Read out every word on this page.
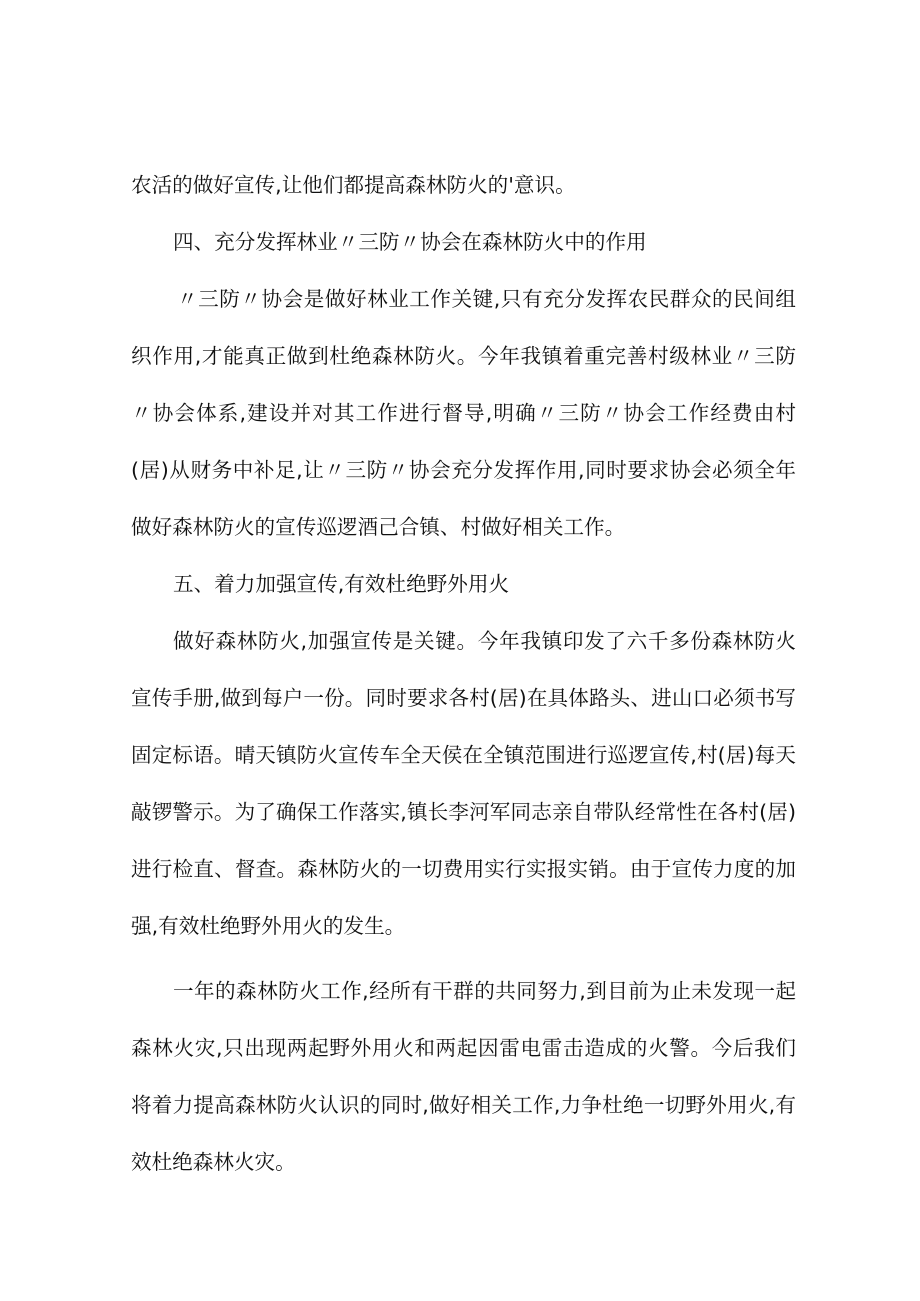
农活的做好宣传,让他们都提高森林防火的'意识。

四、充分发挥林业〃三防〃协会在森林防火中的作用

〃三防〃协会是做好林业工作关键,只有充分发挥农民群众的民间组织作用,才能真正做到杜绝森林防火。今年我镇着重完善村级林业〃三防〃协会体系,建设并对其工作进行督导,明确〃三防〃协会工作经费由村(居)从财务中补足,让〃三防〃协会充分发挥作用,同时要求协会必须全年做好森林防火的宣传巡逻酒己合镇、村做好相关工作。

五、着力加强宣传,有效杜绝野外用火

做好森林防火,加强宣传是关键。今年我镇印发了六千多份森林防火宣传手册,做到每户一份。同时要求各村(居)在具体路头、进山口必须书写固定标语。晴天镇防火宣传车全天侯在全镇范围进行巡逻宣传,村(居)每天敲锣警示。为了确保工作落实,镇长李河军同志亲自带队经常性在各村(居)进行检直、督查。森林防火的一切费用实行实报实销。由于宣传力度的加强,有效杜绝野外用火的发生。

一年的森林防火工作,经所有干群的共同努力,到目前为止未发现一起森林火灾,只出现两起野外用火和两起因雷电雷击造成的火警。今后我们将着力提高森林防火认识的同时,做好相关工作,力争杜绝一切野外用火,有效杜绝森林火灾。
